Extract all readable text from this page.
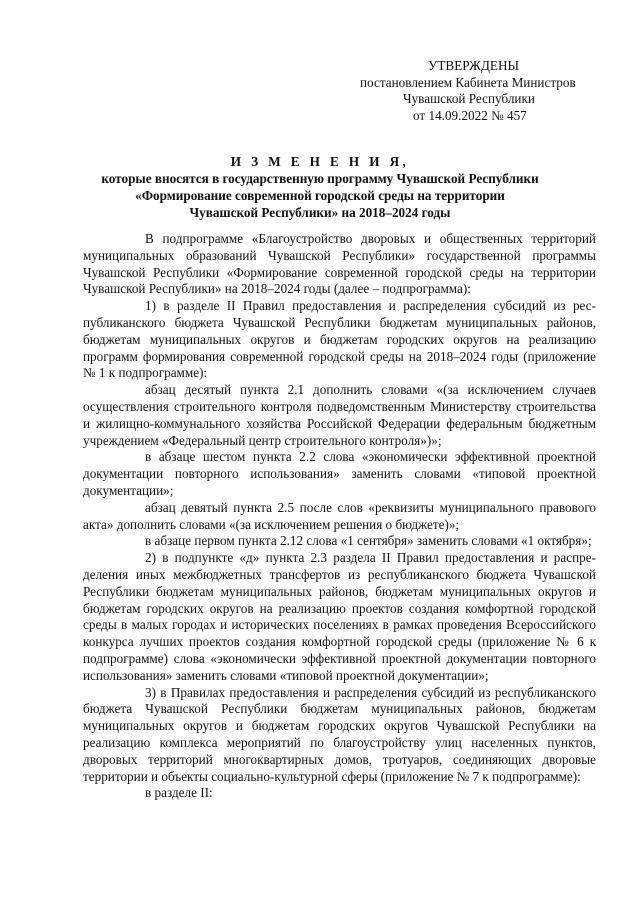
УТВЕРЖДЕНЫ
постановлением Кабинета Министров
Чувашской Республики
от 14.09.2022 № 457
И З М Е Н Е Н И Я,
которые вносятся в государственную программу Чувашской Республики
«Формирование современной городской среды на территории
Чувашской Республики» на 2018–2024 годы

В подпрограмме «Благоустройство дворовых и общественных территорий муниципальных образований Чувашской Республики» государственной программы Чувашской Республики «Формирование современной городской среды на территории Чувашской Республики» на 2018–2024 годы (далее – подпрограмма):

1) в разделе II Правил предоставления и распределения субсидий из республиканского бюджета Чувашской Республики бюджетам муниципальных районов, бюджетам муниципальных округов и бюджетам городских округов на реализацию программ формирования современной городской среды на 2018–2024 годы (приложение № 1 к подпрограмме):

абзац десятый пункта 2.1 дополнить словами «(за исключением случаев осуществления строительного контроля подведомственным Министерству строительства и жилищно-коммунального хозяйства Российской Федерации федеральным бюджетным учреждением «Федеральный центр строительного контроля»)»;

в абзаце шестом пункта 2.2 слова «экономически эффективной проектной документации повторного использования» заменить словами «типовой проектной документации»;

абзац девятый пункта 2.5 после слов «реквизиты муниципального правового акта» дополнить словами «(за исключением решения о бюджете)»;

в абзаце первом пункта 2.12 слова «1 сентября» заменить словами «1 октября»;

2) в подпункте «д» пункта 2.3 раздела II Правил предоставления и распределения иных межбюджетных трансфертов из республиканского бюджета Чувашской Республики бюджетам муниципальных районов, бюджетам муниципальных округов и бюджетам городских округов на реализацию проектов создания комфортной городской среды в малых городах и исторических поселениях в рамках проведения Всероссийского конкурса лучших проектов создания комфортной городской среды (приложение № 6 к подпрограмме) слова «экономически эффективной проектной документации повторного использования» заменить словами «типовой проектной документации»;

3) в Правилах предоставления и распределения субсидий из республиканского бюджета Чувашской Республики бюджетам муниципальных районов, бюджетам муниципальных округов и бюджетам городских округов Чувашской Республики на реализацию комплекса мероприятий по благоустройству улиц населенных пунктов, дворовых территорий многоквартирных домов, тротуаров, соединяющих дворовые территории и объекты социально-культурной сферы (приложение № 7 к подпрограмме):

в разделе II:
